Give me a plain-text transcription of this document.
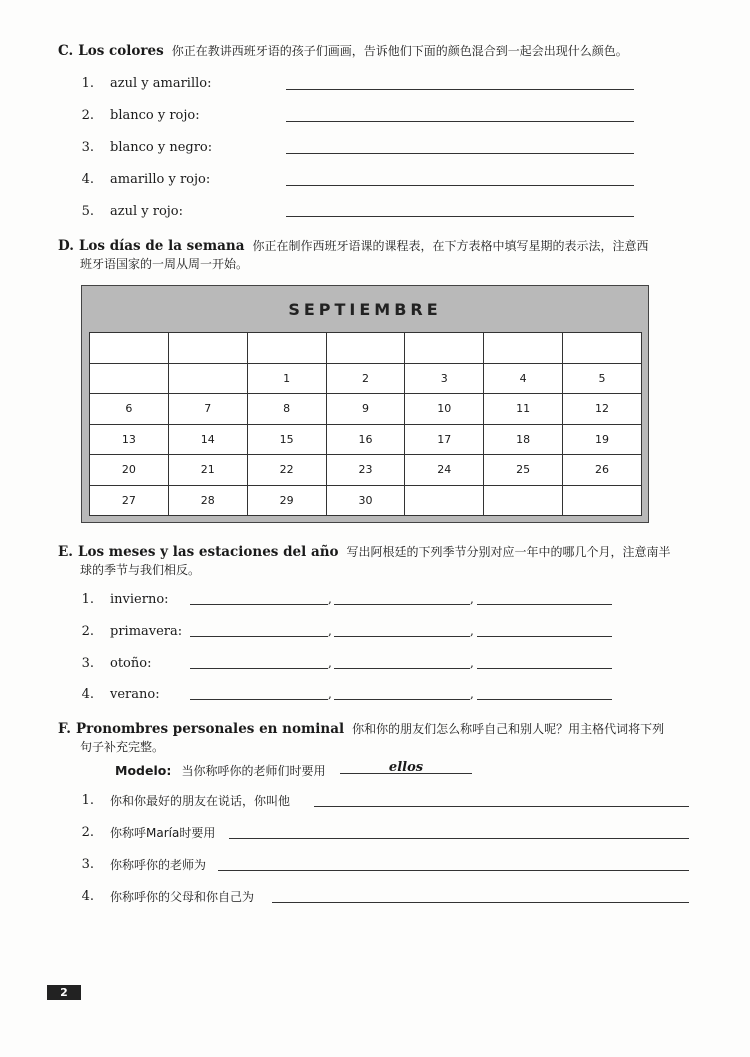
C. Los colores 你正在教讲西班牙语的孩子们画画，告诉他们下面的颜色混合到一起会出现什么颜色。
1. azul y amarillo:
2. blanco y rojo:
3. blanco y negro:
4. amarillo y rojo:
5. azul y rojo:
D. Los días de la semana 你正在制作西班牙语课的课程表，在下方表格中填写星期的表示法，注意西
班牙语国家的一周从周一开始。
SEPTIEMBRE

		1	2	3	4	5
6	7	8	9	10	11	12
13	14	15	16	17	18	19
20	21	22	23	24	25	26
27	28	29	30			
E. Los meses y las estaciones del año 写出阿根廷的下列季节分别对应一年中的哪几个月，注意南半
球的季节与我们相反。
1. invierno:	,	,
2. primavera:	,	,
3. otoño:	,	,
4. verano:	,	,
F. Pronombres personales en nominal 你和你的朋友们怎么称呼自己和别人呢？用主格代词将下列
句子补充完整。
Modelo: 当你称呼你的老师们时要用	ellos
1. 你和你最好的朋友在说话，你叫他
2. 你称呼María时要用
3. 你称呼你的老师为
4. 你称呼你的父母和你自己为
2
